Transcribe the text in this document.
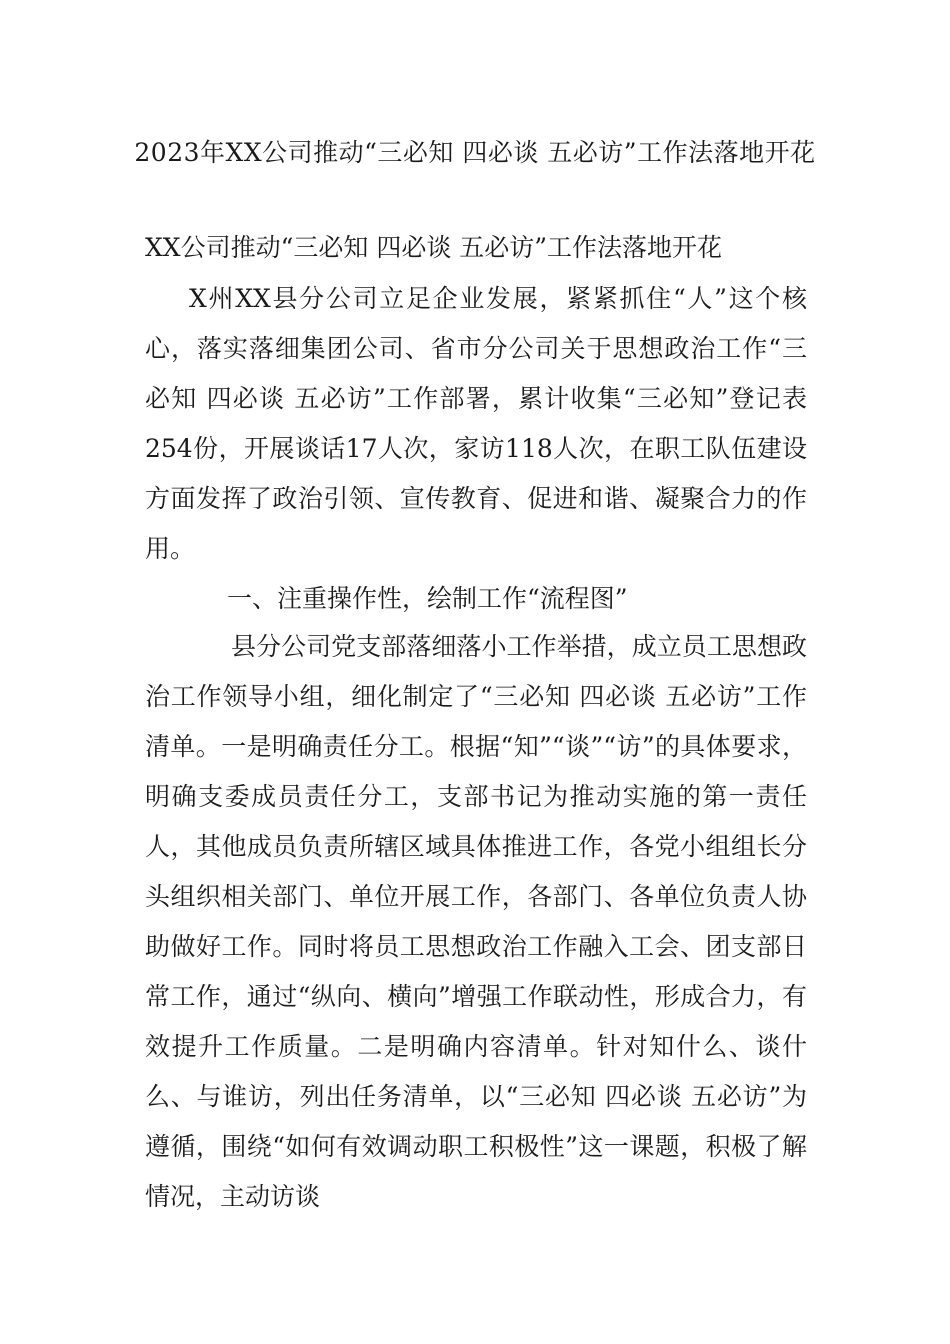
2023年XX公司推动“三必知 四必谈 五必访”工作法落地开花

XX公司推动“三必知 四必谈 五必访”工作法落地开花

X州XX县分公司立足企业发展，紧紧抓住“人”这个核心，落实落细集团公司、省市分公司关于思想政治工作“三必知 四必谈 五必访”工作部署，累计收集“三必知”登记表254份，开展谈话17人次，家访118人次，在职工队伍建设方面发挥了政治引领、宣传教育、促进和谐、凝聚合力的作用。

一、注重操作性，绘制工作“流程图”

县分公司党支部落细落小工作举措，成立员工思想政治工作领导小组，细化制定了“三必知 四必谈 五必访”工作清单。一是明确责任分工。根据“知”“谈”“访”的具体要求，明确支委成员责任分工，支部书记为推动实施的第一责任人，其他成员负责所辖区域具体推进工作，各党小组组长分头组织相关部门、单位开展工作，各部门、各单位负责人协助做好工作。同时将员工思想政治工作融入工会、团支部日常工作，通过“纵向、横向”增强工作联动性，形成合力，有效提升工作质量。二是明确内容清单。针对知什么、谈什么、与谁访，列出任务清单，以“三必知 四必谈 五必访”为遵循，围绕“如何有效调动职工积极性”这一课题，积极了解情况，主动访谈
